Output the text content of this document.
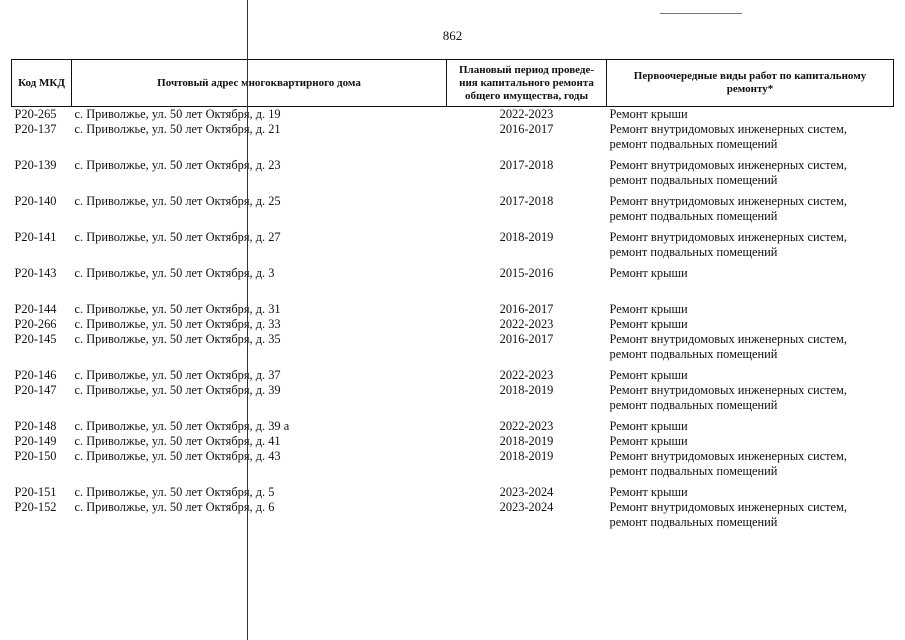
862
Код МКД	Почтовый адрес многоквартирного дома	Плановый период проведе- ния капитального ремонта общего имущества, годы	Первоочередные виды работ по капитальному ремонту*
Р20-265	с. Приволжье, ул. 50 лет Октября, д. 19	2022-2023	Ремонт крыши

Р20-137	с. Приволжье, ул. 50 лет Октября, д. 21	2016-2017	Ремонт внутридомовых инженерных систем,
ремонт подвальных помещений

Р20-139	с. Приволжье, ул. 50 лет Октября, д. 23	2017-2018	Ремонт внутридомовых инженерных систем,
ремонт подвальных помещений

Р20-140	с. Приволжье, ул. 50 лет Октября, д. 25	2017-2018	Ремонт внутридомовых инженерных систем,
ремонт подвальных помещений

Р20-141	с. Приволжье, ул. 50 лет Октября, д. 27	2018-2019	Ремонт внутридомовых инженерных систем,
ремонт подвальных помещений

Р20-143	с. Приволжье, ул. 50 лет Октября, д. 3	2015-2016	Ремонт крыши

Р20-144	с. Приволжье, ул. 50 лет Октября, д. 31	2016-2017	Ремонт крыши

Р20-266	с. Приволжье, ул. 50 лет Октября, д. 33	2022-2023	Ремонт крыши

Р20-145	с. Приволжье, ул. 50 лет Октября, д. 35	2016-2017	Ремонт внутридомовых инженерных систем,
ремонт подвальных помещений

Р20-146	с. Приволжье, ул. 50 лет Октября, д. 37	2022-2023	Ремонт крыши

Р20-147	с. Приволжье, ул. 50 лет Октября, д. 39	2018-2019	Ремонт внутридомовых инженерных систем,
ремонт подвальных помещений

Р20-148	с. Приволжье, ул. 50 лет Октября, д. 39 а	2022-2023	Ремонт крыши

Р20-149	с. Приволжье, ул. 50 лет Октября, д. 41	2018-2019	Ремонт крыши

Р20-150	с. Приволжье, ул. 50 лет Октября, д. 43	2018-2019	Ремонт внутридомовых инженерных систем,
ремонт подвальных помещений

Р20-151	с. Приволжье, ул. 50 лет Октября, д. 5	2023-2024	Ремонт крыши

Р20-152	с. Приволжье, ул. 50 лет Октября, д. 6	2023-2024	Ремонт внутридомовых инженерных систем,
ремонт подвальных помещений
